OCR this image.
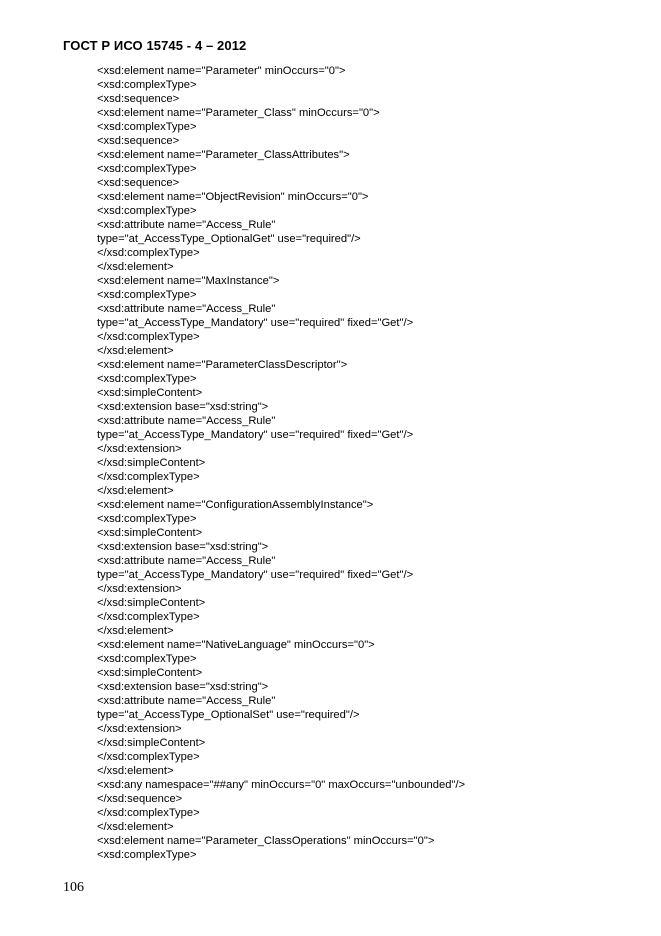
ГОСТ Р ИСО 15745 - 4 – 2012
<xsd:element name="Parameter" minOccurs="0">
<xsd:complexType>
<xsd:sequence>
<xsd:element name="Parameter_Class" minOccurs="0">
<xsd:complexType>
<xsd:sequence>
<xsd:element name="Parameter_ClassAttributes">
<xsd:complexType>
<xsd:sequence>
<xsd:element name="ObjectRevision" minOccurs="0">
<xsd:complexType>
<xsd:attribute name="Access_Rule"
type="at_AccessType_OptionalGet" use="required"/>
</xsd:complexType>
</xsd:element>
<xsd:element name="MaxInstance">
<xsd:complexType>
<xsd:attribute name="Access_Rule"
type="at_AccessType_Mandatory" use="required" fixed="Get"/>
</xsd:complexType>
</xsd:element>
<xsd:element name="ParameterClassDescriptor">
<xsd:complexType>
<xsd:simpleContent>
<xsd:extension base="xsd:string">
<xsd:attribute name="Access_Rule"
type="at_AccessType_Mandatory" use="required" fixed="Get"/>
</xsd:extension>
</xsd:simpleContent>
</xsd:complexType>
</xsd:element>
<xsd:element name="ConfigurationAssemblyInstance">
<xsd:complexType>
<xsd:simpleContent>
<xsd:extension base="xsd:string">
<xsd:attribute name="Access_Rule"
type="at_AccessType_Mandatory" use="required" fixed="Get"/>
</xsd:extension>
</xsd:simpleContent>
</xsd:complexType>
</xsd:element>
<xsd:element name="NativeLanguage" minOccurs="0">
<xsd:complexType>
<xsd:simpleContent>
<xsd:extension base="xsd:string">
<xsd:attribute name="Access_Rule"
type="at_AccessType_OptionalSet" use="required"/>
</xsd:extension>
</xsd:simpleContent>
</xsd:complexType>
</xsd:element>
<xsd:any namespace="##any" minOccurs="0" maxOccurs="unbounded"/>
</xsd:sequence>
</xsd:complexType>
</xsd:element>
<xsd:element name="Parameter_ClassOperations" minOccurs="0">
<xsd:complexType>
106
